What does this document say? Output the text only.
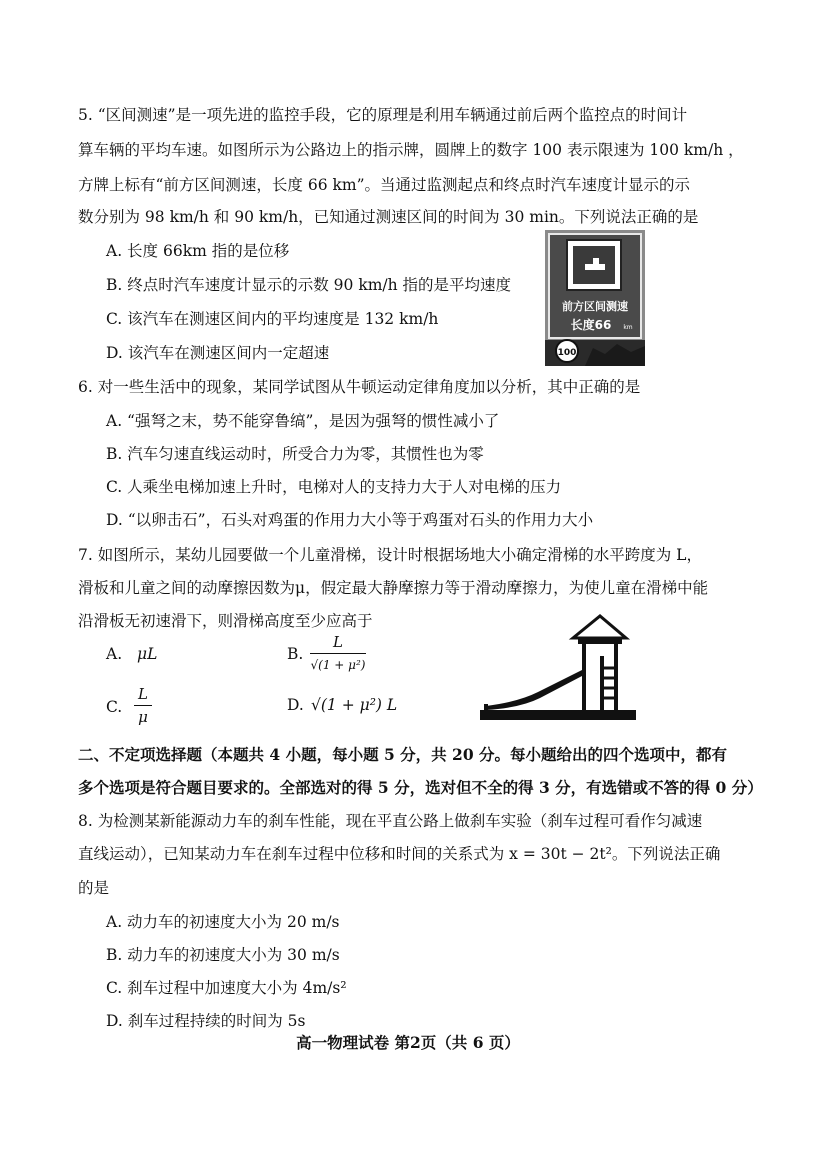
5. “区间测速”是一项先进的监控手段，它的原理是利用车辆通过前后两个监控点的时间计
算车辆的平均车速。如图所示为公路边上的指示牌，圆牌上的数字 100 表示限速为 100 km/h ，
方牌上标有“前方区间测速，长度 66 km”。当通过监测起点和终点时汽车速度计显示的示
数分别为 98 km/h 和 90 km/h，已知通过测速区间的时间为 30 min。下列说法正确的是
A. 长度 66km 指的是位移
B. 终点时汽车速度计显示的示数 90 km/h 指的是平均速度
C. 该汽车在测速区间内的平均速度是 132 km/h
D. 该汽车在测速区间内一定超速
前方区间测速
长度66 km
100
6. 对一些生活中的现象，某同学试图从牛顿运动定律角度加以分析，其中正确的是
A. “强弩之末，势不能穿鲁缟”，是因为强弩的惯性减小了
B. 汽车匀速直线运动时，所受合力为零，其惯性也为零
C. 人乘坐电梯加速上升时，电梯对人的支持力大于人对电梯的压力
D. “以卵击石”，石头对鸡蛋的作用力大小等于鸡蛋对石头的作用力大小
7. 如图所示，某幼儿园要做一个儿童滑梯，设计时根据场地大小确定滑梯的水平跨度为 L，
滑板和儿童之间的动摩擦因数为μ，假定最大静摩擦力等于滑动摩擦力，为使儿童在滑梯中能
沿滑板无初速滑下，则滑梯高度至少应高于
A. μL	B.
L
√(1 + μ²)
C.
L
μ
D. √(1 + μ²) L
二、不定项选择题（本题共 4 小题，每小题 5 分，共 20 分。每小题给出的四个选项中，都有
多个选项是符合题目要求的。全部选对的得 5 分，选对但不全的得 3 分，有选错或不答的得 0 分）
8. 为检测某新能源动力车的刹车性能，现在平直公路上做刹车实验（刹车过程可看作匀减速
直线运动），已知某动力车在刹车过程中位移和时间的关系式为 x = 30t − 2t²。下列说法正确
的是
A. 动力车的初速度大小为 20 m/s
B. 动力车的初速度大小为 30 m/s
C. 刹车过程中加速度大小为 4m/s²
D. 刹车过程持续的时间为 5s
高一物理试卷 第2页（共 6 页）
